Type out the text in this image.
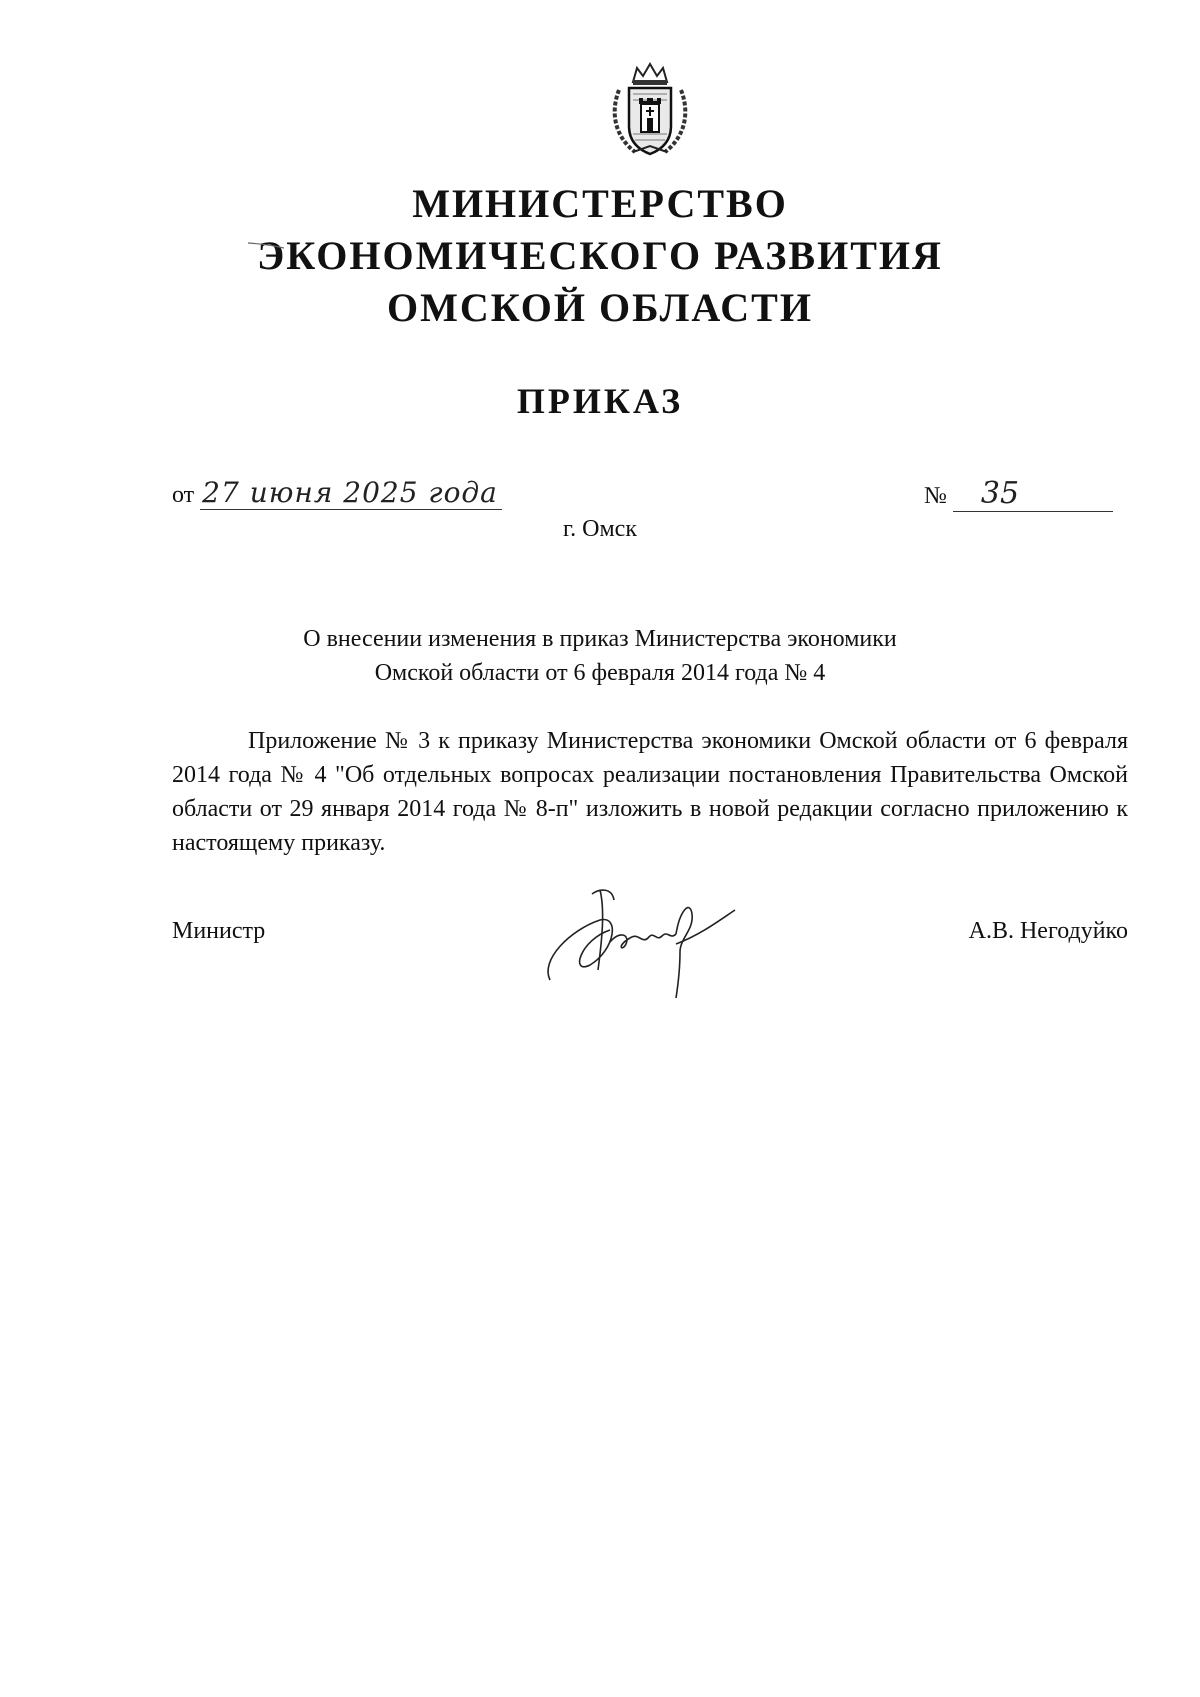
МИНИСТЕРСТВО
ЭКОНОМИЧЕСКОГО РАЗВИТИЯ
ОМСКОЙ ОБЛАСТИ
ПРИКАЗ
от 27 июня 2025 года	№ 35
г. Омск
О внесении изменения в приказ Министерства экономики
Омской области от 6 февраля 2014 года № 4

Приложение № 3 к приказу Министерства экономики Омской области от 6 февраля 2014 года № 4 "Об отдельных вопросах реализации постановления Правительства Омской области от 29 января 2014 года № 8-п" изложить в новой редакции согласно приложению к настоящему приказу.

Министр	А.В. Негодуйко
